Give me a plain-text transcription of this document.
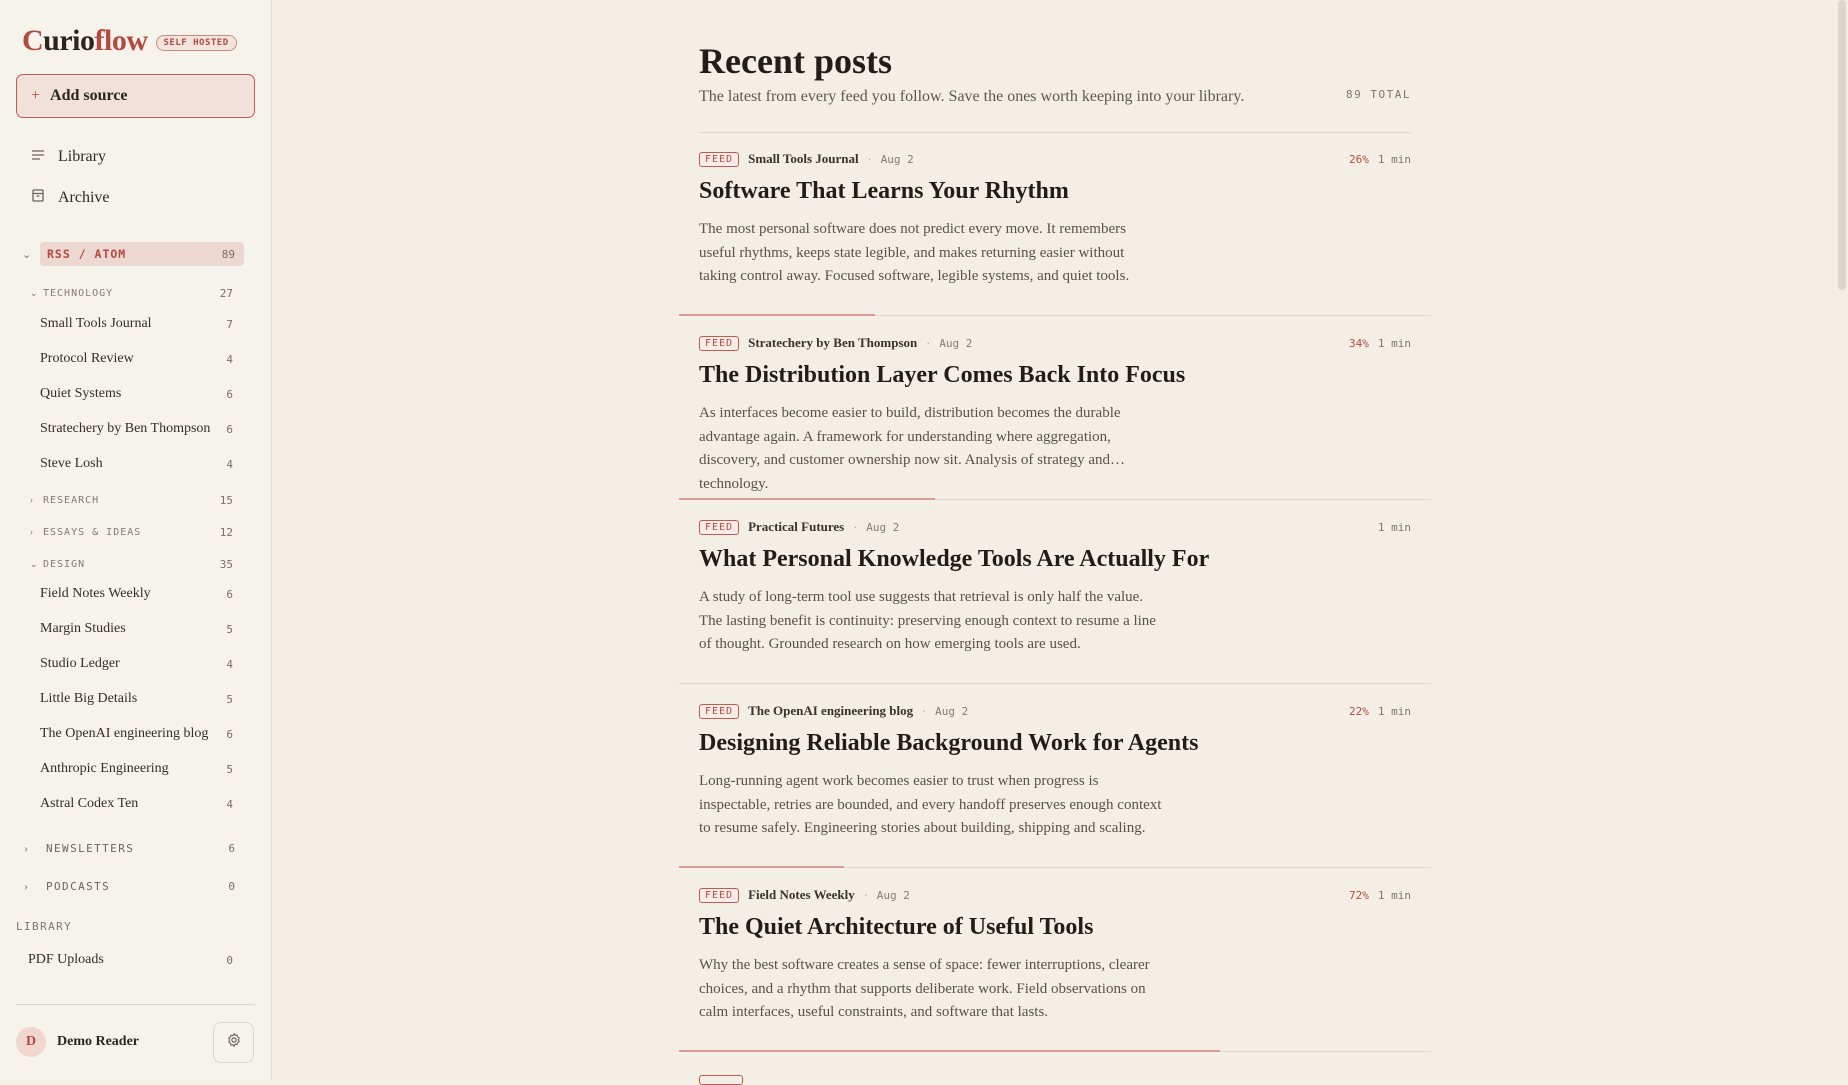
Curioflow	SELF HOSTED
+ Add source
Library
Archive
⌄	RSS / ATOM	89
⌄ TECHNOLOGY	27
Small Tools Journal	7
Protocol Review	4
Quiet Systems	6
Stratechery by Ben Thompson 6
Steve Losh	4
›	RESEARCH	15
›	ESSAYS & IDEAS	12
⌄ DESIGN	35
Field Notes Weekly	6
Margin Studies	5
Studio Ledger	4
Little Big Details	5
The OpenAI engineering blog 6
Anthropic Engineering	5
Astral Codex Ten	4
›	NEWSLETTERS	6
›	PODCASTS	0
LIBRARY
PDF Uploads	0
D	Demo Reader
Recent posts

The latest from every feed you follow. Save the ones worth keeping into your library.	89 TOTAL
FEED	Small Tools Journal · Aug 2	26% 1 min
Software That Learns Your Rhythm

The most personal software does not predict every move. It remembers useful rhythms, keeps state legible, and makes returning easier without taking control away. Focused software, legible systems, and quiet tools.

FEED	Stratechery by Ben Thompson · Aug 2	34% 1 min
The Distribution Layer Comes Back Into Focus

As interfaces become easier to build, distribution becomes the durable advantage again. A framework for understanding where aggregation, discovery, and customer ownership now sit. Analysis of strategy and technology.

FEED	Practical Futures · Aug 2	1 min
What Personal Knowledge Tools Are Actually For

A study of long-term tool use suggests that retrieval is only half the value. The lasting benefit is continuity: preserving enough context to resume a line of thought. Grounded research on how emerging tools are used.

FEED	The OpenAI engineering blog · Aug 2	22% 1 min
Designing Reliable Background Work for Agents

Long-running agent work becomes easier to trust when progress is inspectable, retries are bounded, and every handoff preserves enough context to resume safely. Engineering stories about building, shipping and scaling.

FEED	Field Notes Weekly · Aug 2	72% 1 min
The Quiet Architecture of Useful Tools

Why the best software creates a sense of space: fewer interruptions, clearer choices, and a rhythm that supports deliberate work. Field observations on calm interfaces, useful constraints, and software that lasts.
